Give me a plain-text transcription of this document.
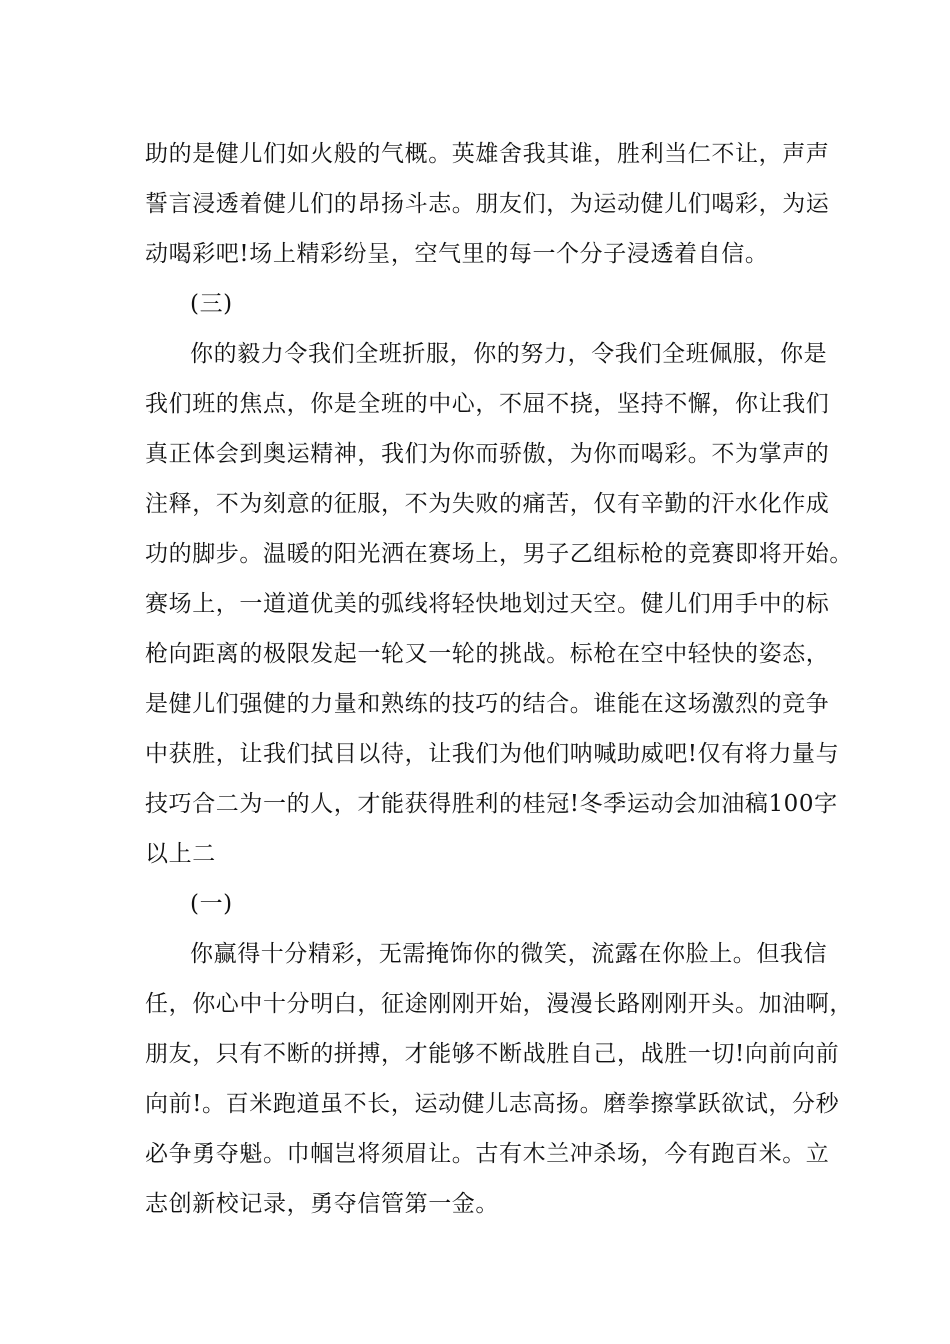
助的是健儿们如火般的气概。英雄舍我其谁，胜利当仁不让，声声
誓言浸透着健儿们的昂扬斗志。朋友们，为运动健儿们喝彩，为运
动喝彩吧!场上精彩纷呈，空气里的每一个分子浸透着自信。
(三)
你的毅力令我们全班折服，你的努力，令我们全班佩服，你是
我们班的焦点，你是全班的中心，不屈不挠，坚持不懈，你让我们
真正体会到奥运精神，我们为你而骄傲，为你而喝彩。不为掌声的
注释，不为刻意的征服，不为失败的痛苦，仅有辛勤的汗水化作成
功的脚步。温暖的阳光洒在赛场上，男子乙组标枪的竞赛即将开始。
赛场上，一道道优美的弧线将轻快地划过天空。健儿们用手中的标
枪向距离的极限发起一轮又一轮的挑战。标枪在空中轻快的姿态，
是健儿们强健的力量和熟练的技巧的结合。谁能在这场激烈的竞争
中获胜，让我们拭目以待，让我们为他们呐喊助威吧!仅有将力量与
技巧合二为一的人，才能获得胜利的桂冠!冬季运动会加油稿100字
以上二
(一)
你赢得十分精彩，无需掩饰你的微笑，流露在你脸上。但我信
任，你心中十分明白，征途刚刚开始，漫漫长路刚刚开头。加油啊，
朋友，只有不断的拼搏，才能够不断战胜自己，战胜一切!向前向前
向前!。百米跑道虽不长，运动健儿志高扬。磨拳擦掌跃欲试，分秒
必争勇夺魁。巾帼岂将须眉让。古有木兰冲杀场，今有跑百米。立
志创新校记录，勇夺信管第一金。
